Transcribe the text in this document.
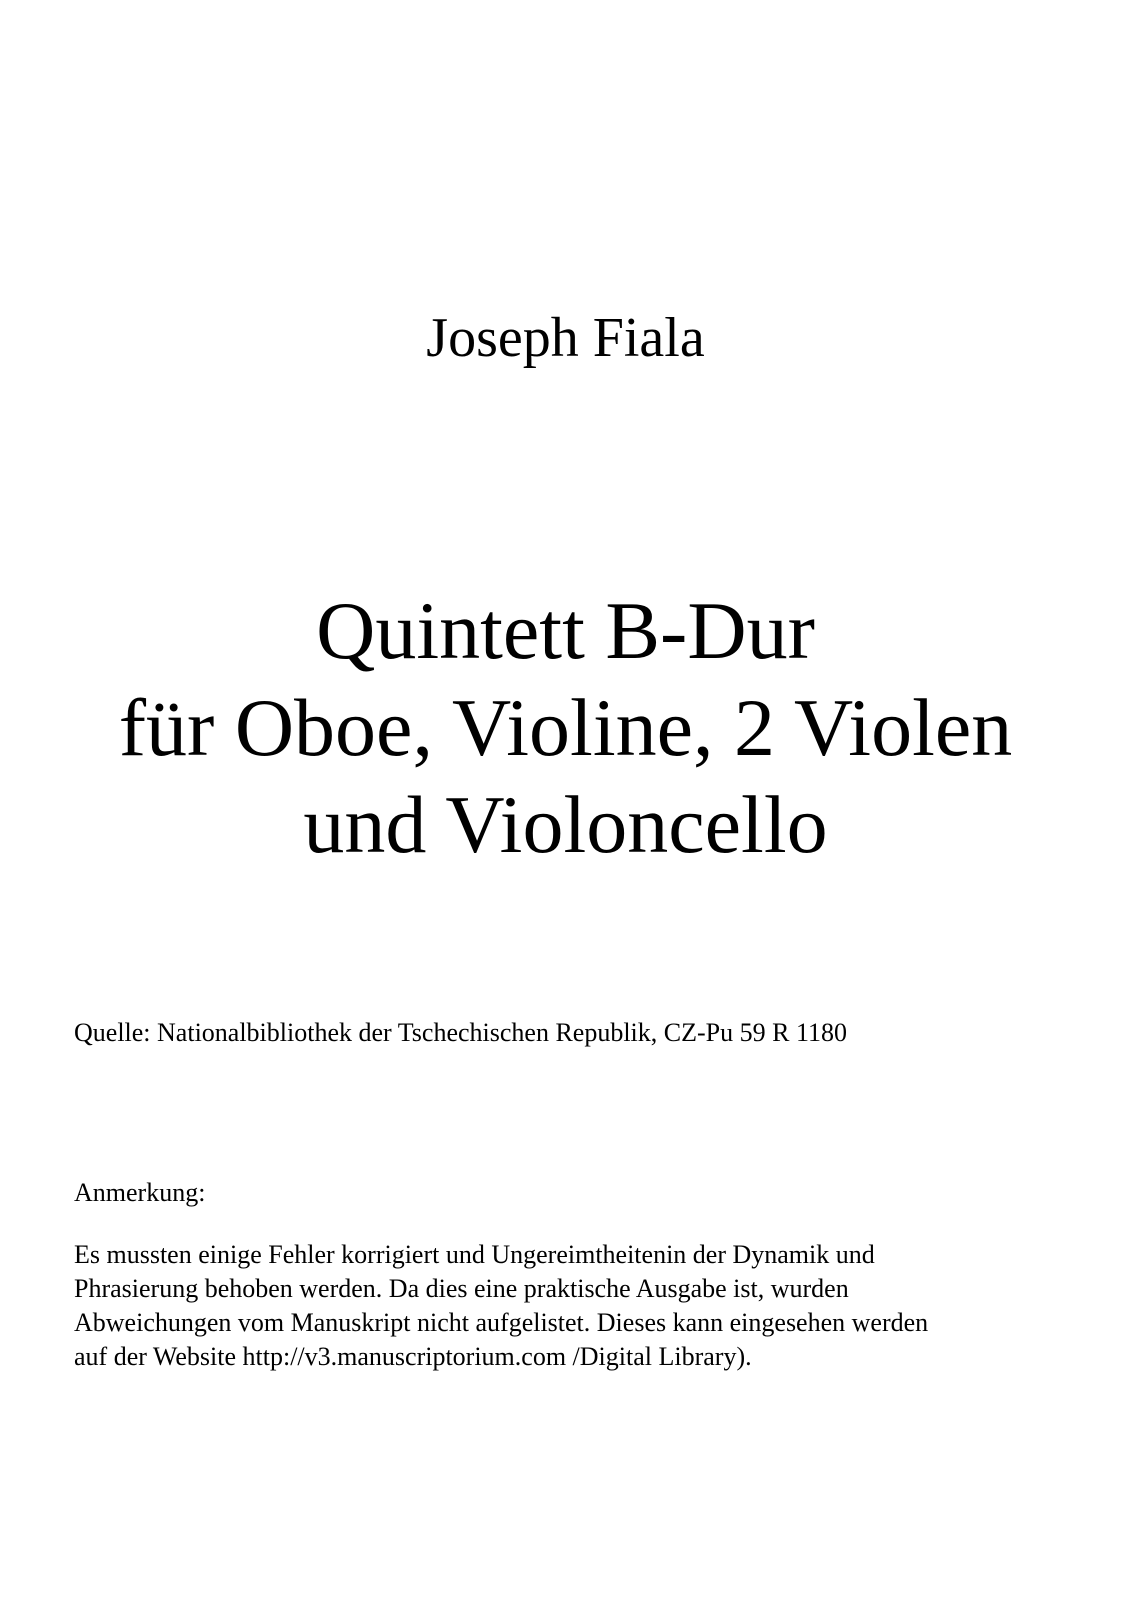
Joseph Fiala
Quintett B-Dur
für Oboe, Violine, 2 Violen
und Violoncello
Quelle: Nationalbibliothek der Tschechischen Republik, CZ-Pu 59 R 1180
Anmerkung:
Es mussten einige Fehler korrigiert und Ungereimtheitenin der Dynamik und
Phrasierung behoben werden. Da dies eine praktische Ausgabe ist, wurden
Abweichungen vom Manuskript nicht aufgelistet. Dieses kann eingesehen werden
auf der Website http://v3.manuscriptorium.com /Digital Library).
